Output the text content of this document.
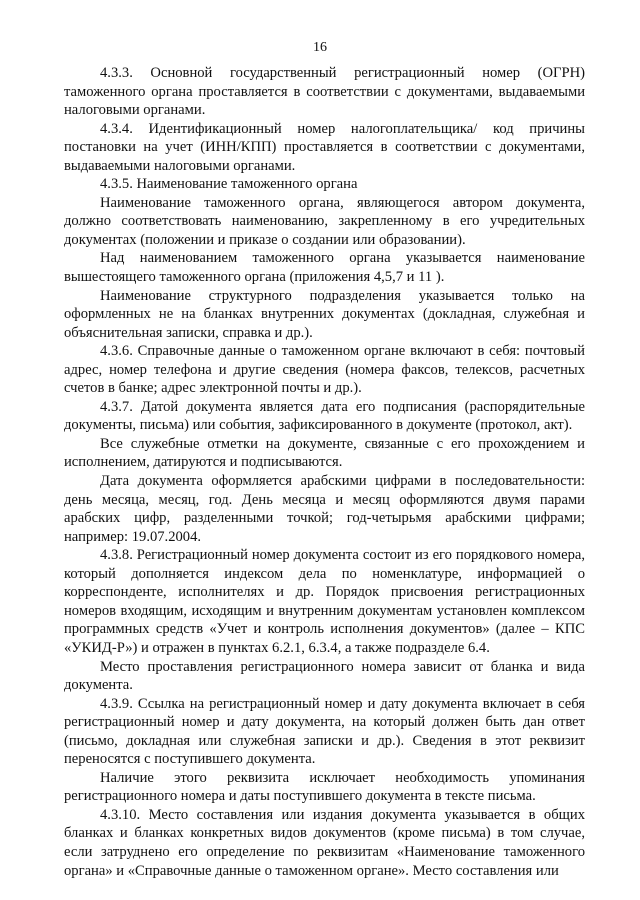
16

4.3.3. Основной государственный регистрационный номер (ОГРН) таможенного органа проставляется в соответствии с документами, выдаваемыми налоговыми органами.

4.3.4. Идентификационный номер налогоплательщика/ код причины постановки на учет (ИНН/КПП) проставляется в соответствии с документами, выдаваемыми налоговыми органами.

4.3.5. Наименование таможенного органа

Наименование таможенного органа, являющегося автором документа, должно соответствовать наименованию, закрепленному в его учредительных документах (положении и приказе о создании или образовании).

Над наименованием таможенного органа указывается наименование вышестоящего таможенного органа (приложения 4,5,7 и 11 ).

Наименование структурного подразделения указывается только на оформленных не на бланках внутренних документах (докладная, служебная и объяснительная записки, справка и др.).

4.3.6. Справочные данные о таможенном органе включают в себя: почтовый адрес, номер телефона и другие сведения (номера факсов, телексов, расчетных счетов в банке; адрес электронной почты и др.).

4.3.7. Датой документа является дата его подписания (распорядительные документы, письма) или события, зафиксированного в документе (протокол, акт).

Все служебные отметки на документе, связанные с его прохождением и исполнением, датируются и подписываются.

Дата документа оформляется арабскими цифрами в последовательности: день месяца, месяц, год. День месяца и месяц оформляются двумя парами арабских цифр, разделенными точкой; год-четырьмя арабскими цифрами; например: 19.07.2004.

4.3.8. Регистрационный номер документа состоит из его порядкового номера, который дополняется индексом дела по номенклатуре, информацией о корреспонденте, исполнителях и др. Порядок присвоения регистрационных номеров входящим, исходящим и внутренним документам установлен комплексом программных средств «Учет и контроль исполнения документов» (далее – КПС «УКИД-Р») и отражен в пунктах 6.2.1, 6.3.4, а также подразделе 6.4.

Место проставления регистрационного номера зависит от бланка и вида документа.

4.3.9. Ссылка на регистрационный номер и дату документа включает в себя регистрационный номер и дату документа, на который должен быть дан ответ (письмо, докладная или служебная записки и др.). Сведения в этот реквизит переносятся с поступившего документа.

Наличие этого реквизита исключает необходимость упоминания регистрационного номера и даты поступившего документа в тексте письма.

4.3.10. Место составления или издания документа указывается в общих бланках и бланках конкретных видов документов (кроме письма) в том случае, если затруднено его определение по реквизитам «Наименование таможенного органа» и «Справочные данные о таможенном органе». Место составления или
